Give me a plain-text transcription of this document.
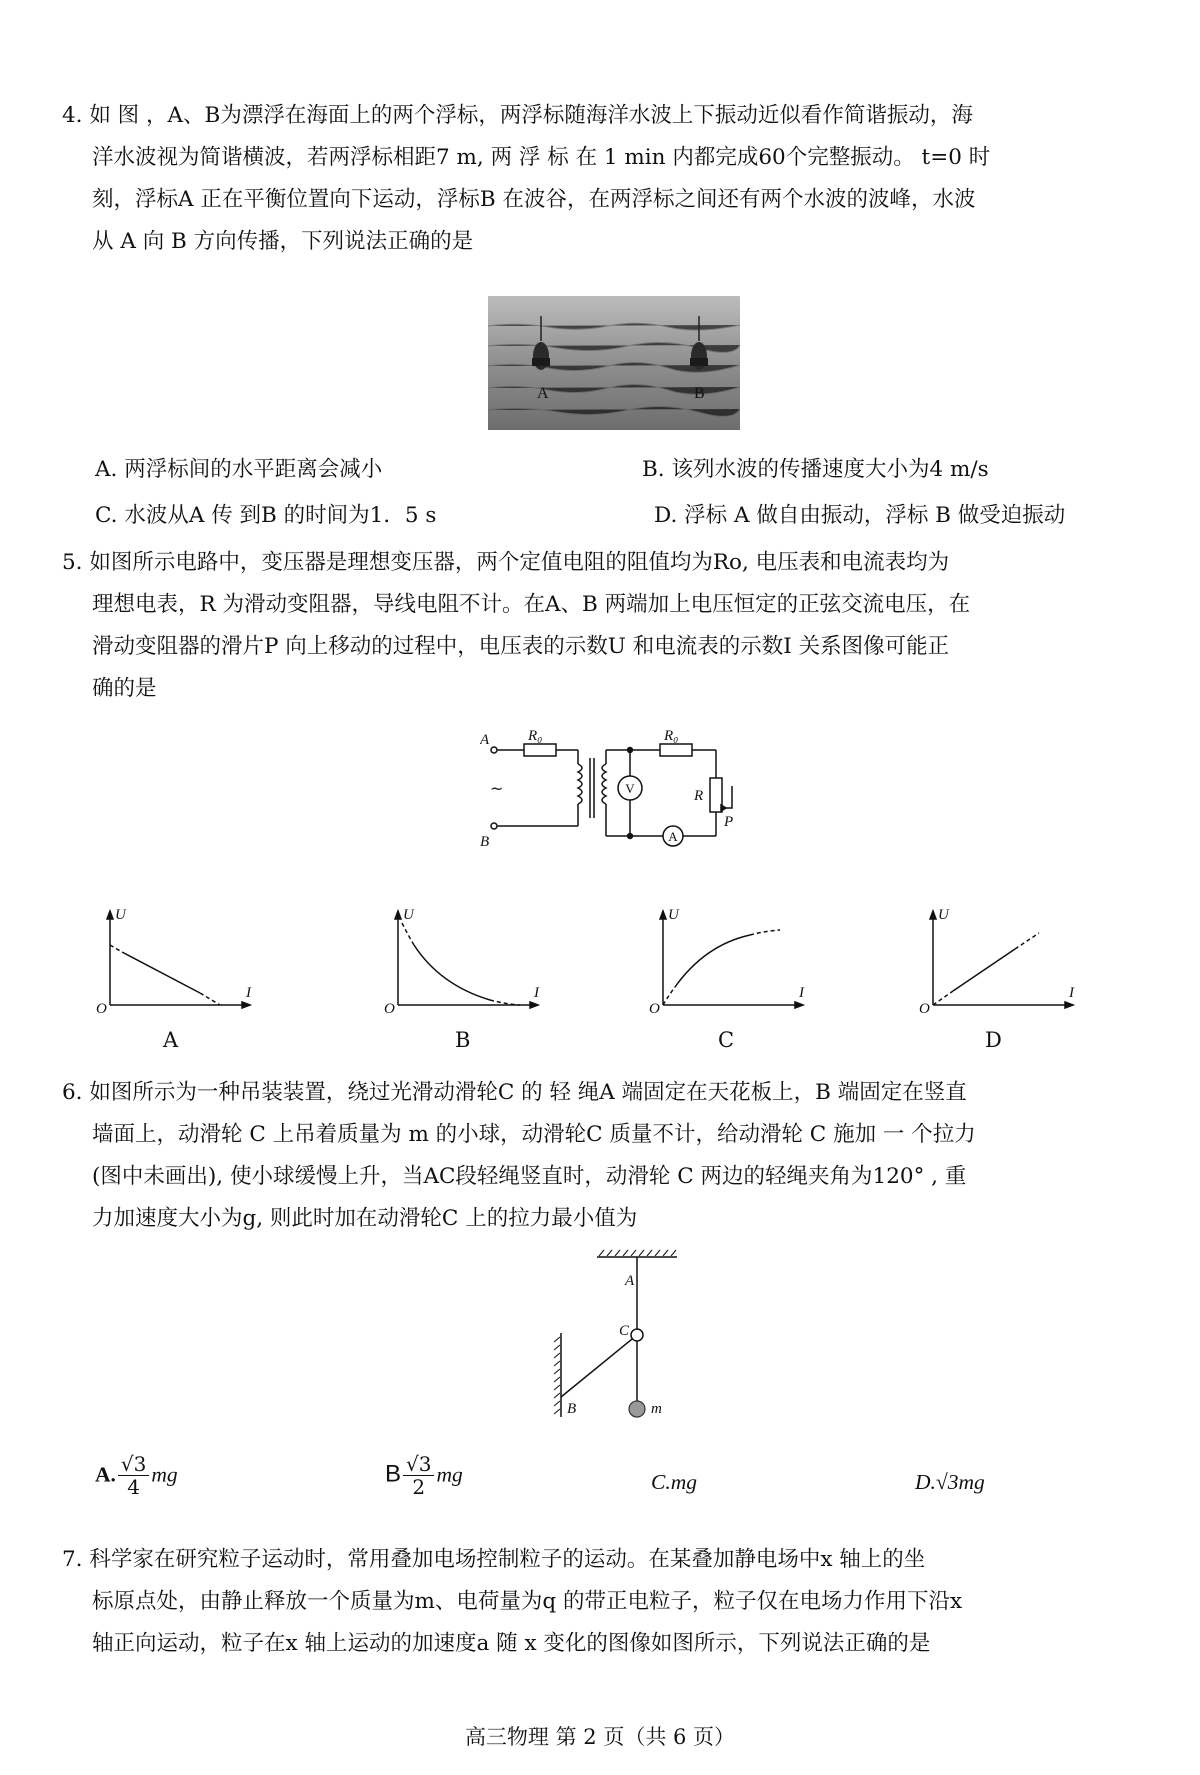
4. 如 图 ，A、B为漂浮在海面上的两个浮标，两浮标随海洋水波上下振动近似看作简谐振动，海
洋水波视为简谐横波，若两浮标相距7 m, 两 浮 标 在 1 min 内都完成60个完整振动。 t=0 时
刻，浮标A 正在平衡位置向下运动，浮标B 在波谷，在两浮标之间还有两个水波的波峰，水波
从 A 向 B 方向传播，下列说法正确的是
A	B
A. 两浮标间的水平距离会减小	B. 该列水波的传播速度大小为4 m/s
C. 水波从A 传 到B 的时间为1．5 s	D. 浮标 A 做自由振动，浮标 B 做受迫振动
5. 如图所示电路中，变压器是理想变压器，两个定值电阻的阻值均为Ro, 电压表和电流表均为
理想电表，R 为滑动变阻器，导线电阻不计。在A、B 两端加上电压恒定的正弦交流电压，在
滑动变阻器的滑片P 向上移动的过程中，电压表的示数U 和电流表的示数I 关系图像可能正
确的是
A
B
R₀	R₀
R
P
V
A
~
U
I
O
A
U
I
O
B
U
I
O
C
U
I
O
D
6. 如图所示为一种吊装装置，绕过光滑动滑轮C 的 轻 绳A 端固定在天花板上，B 端固定在竖直
墙面上，动滑轮 C 上吊着质量为 m 的小球，动滑轮C 质量不计，给动滑轮 C 施加 一 个拉力
(图中未画出), 使小球缓慢上升，当AC段轻绳竖直时，动滑轮 C 两边的轻绳夹角为120° , 重
力加速度大小为g, 则此时加在动滑轮C 上的拉力最小值为
A
C
B	m
A. $\frac{√3}{4}$ mg	B $\frac{√3}{2}$ mg	C.mg	D.√3mg
7. 科学家在研究粒子运动时，常用叠加电场控制粒子的运动。在某叠加静电场中x 轴上的坐
标原点处，由静止释放一个质量为m、电荷量为q 的带正电粒子，粒子仅在电场力作用下沿x
轴正向运动，粒子在x 轴上运动的加速度a 随 x 变化的图像如图所示，下列说法正确的是
高三物理 第 2 页（共 6 页）
